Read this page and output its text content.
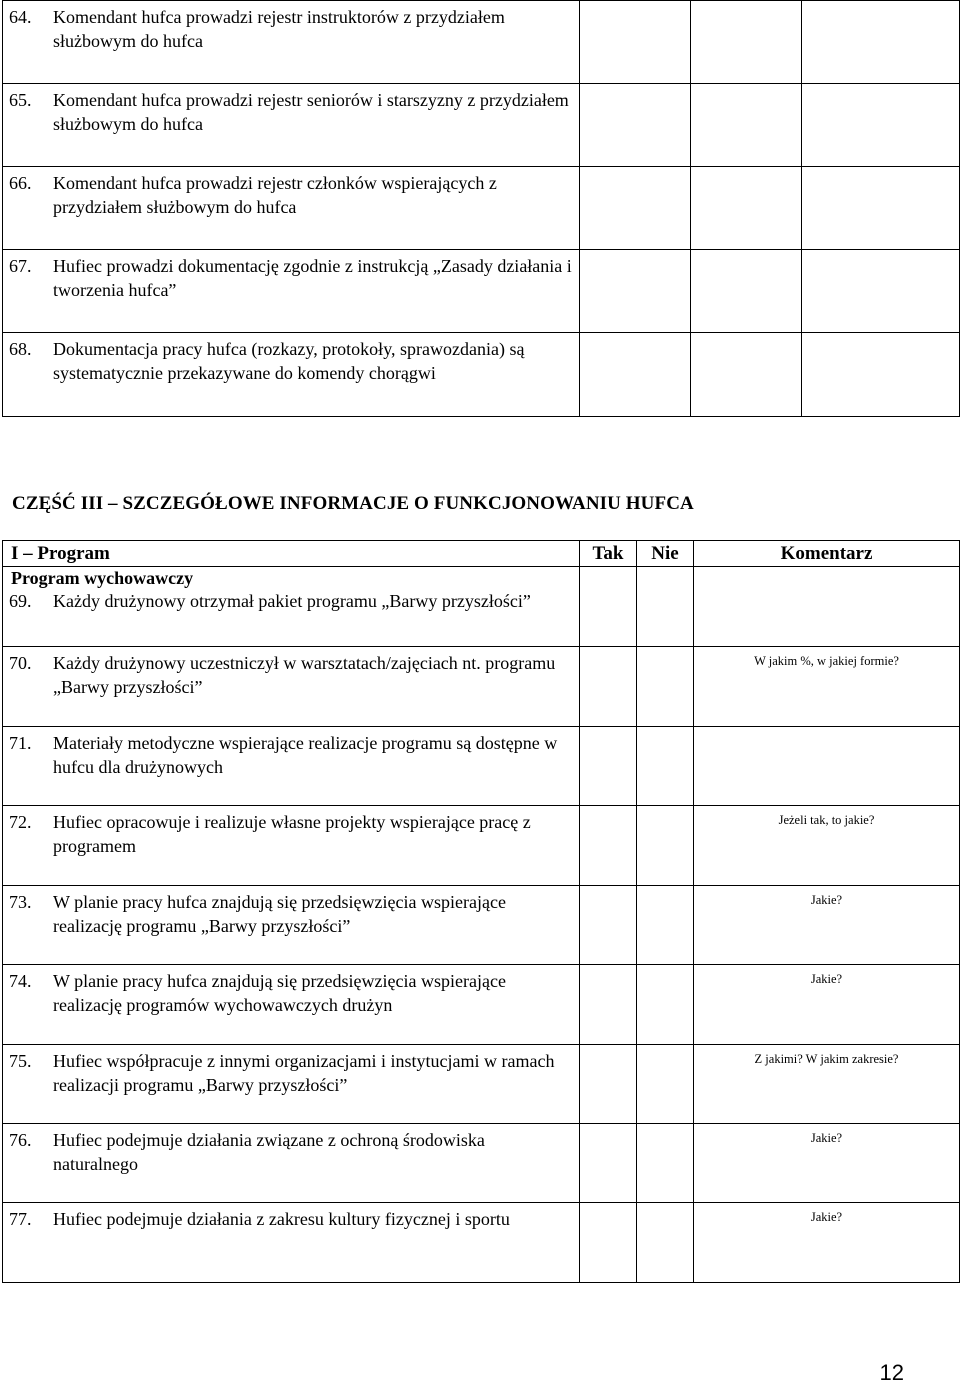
64. Komendant hufca prowadzi rejestr instruktorów z przydziałem służbowym do hufca			
65. Komendant hufca prowadzi rejestr seniorów i starszyzny z przydziałem służbowym do hufca			
66. Komendant hufca prowadzi rejestr członków wspierających z przydziałem służbowym do hufca			
67. Hufiec prowadzi dokumentację zgodnie z instrukcją „Zasady działania i tworzenia hufca”			
68. Dokumentacja pracy hufca (rozkazy, protokoły, sprawozdania) są systematycznie przekazywane do komendy chorągwi			
CZĘŚĆ III – SZCZEGÓŁOWE INFORMACJE O FUNKCJONOWANIU HUFCA
I – Program	Tak	Nie	Komentarz
Program wychowawczy			
69. Każdy drużynowy otrzymał pakiet programu „Barwy przyszłości”			
70. Każdy drużynowy uczestniczył w warsztatach/zajęciach nt. programu „Barwy przyszłości”			W jakim %, w jakiej formie?
71. Materiały metodyczne wspierające realizacje programu są dostępne w hufcu dla drużynowych			
72. Hufiec opracowuje i realizuje własne projekty wspierające pracę z programem			Jeżeli tak, to jakie?
73. W planie pracy hufca znajdują się przedsięwzięcia wspierające realizację programu „Barwy przyszłości”			Jakie?
74. W planie pracy hufca znajdują się przedsięwzięcia wspierające realizację programów wychowawczych drużyn			Jakie?
75. Hufiec współpracuje z innymi organizacjami i instytucjami w ramach realizacji programu „Barwy przyszłości”			Z jakimi? W jakim zakresie?
76. Hufiec podejmuje działania związane z ochroną środowiska naturalnego			Jakie?
77. Hufiec podejmuje działania z zakresu kultury fizycznej i sportu			Jakie?
12
